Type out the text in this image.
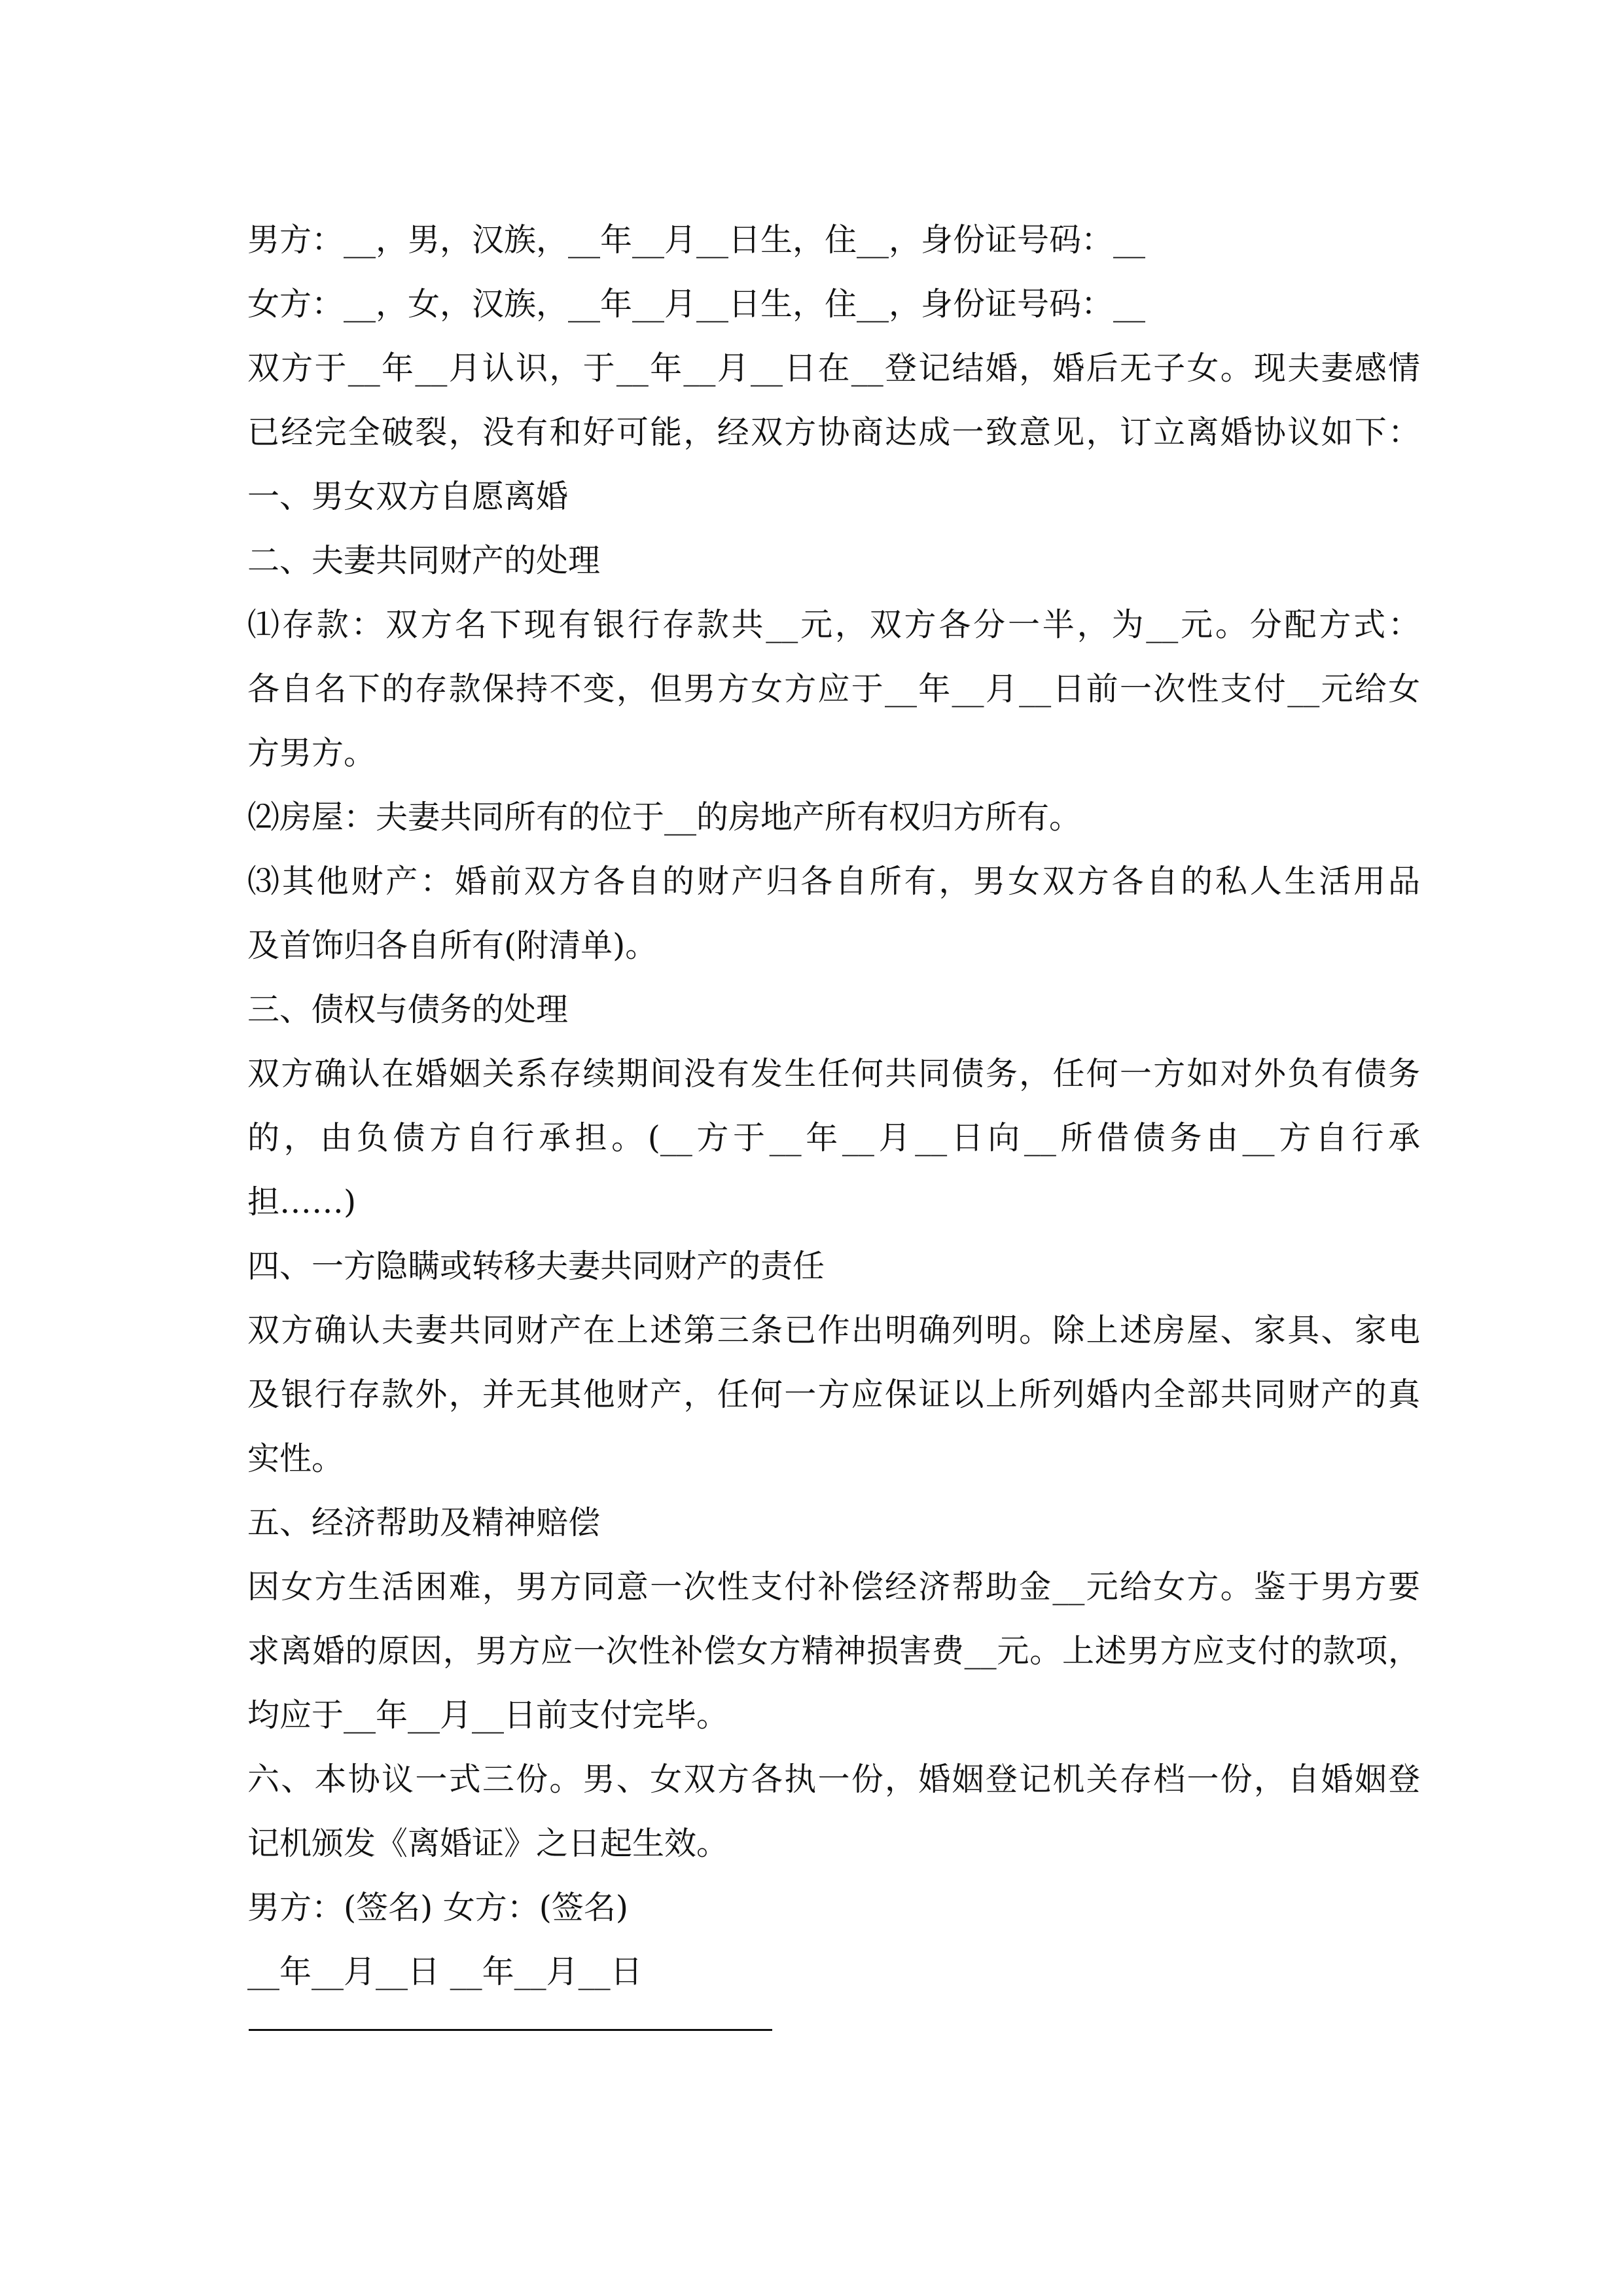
男方：__，男，汉族，__年__月__日生，住__，身份证号码：__
女方：__，女，汉族，__年__月__日生，住__，身份证号码：__
双方于__年__月认识，于__年__月__日在__登记结婚，婚后无子女。现夫妻感情
已经完全破裂，没有和好可能，经双方协商达成一致意见，订立离婚协议如下：
一、男女双方自愿离婚
二、夫妻共同财产的处理
⑴存款：双方名下现有银行存款共__元，双方各分一半，为__元。分配方式：
各自名下的存款保持不变，但男方女方应于__年__月__日前一次性支付__元给女
方男方。
⑵房屋：夫妻共同所有的位于__的房地产所有权归方所有。
⑶其他财产：婚前双方各自的财产归各自所有，男女双方各自的私人生活用品
及首饰归各自所有(附清单)。
三、债权与债务的处理
双方确认在婚姻关系存续期间没有发生任何共同债务，任何一方如对外负有债务
的，由负债方自行承担。(__方于__年__月__日向__所借债务由__方自行承
担……)
四、一方隐瞒或转移夫妻共同财产的责任
双方确认夫妻共同财产在上述第三条已作出明确列明。除上述房屋、家具、家电
及银行存款外，并无其他财产，任何一方应保证以上所列婚内全部共同财产的真
实性。
五、经济帮助及精神赔偿
因女方生活困难，男方同意一次性支付补偿经济帮助金__元给女方。鉴于男方要
求离婚的原因，男方应一次性补偿女方精神损害费__元。上述男方应支付的款项，
均应于__年__月__日前支付完毕。
六、本协议一式三份。男、女双方各执一份，婚姻登记机关存档一份，自婚姻登
记机颁发《离婚证》之日起生效。
男方：(签名) 女方：(签名)
__年__月__日 __年__月__日
